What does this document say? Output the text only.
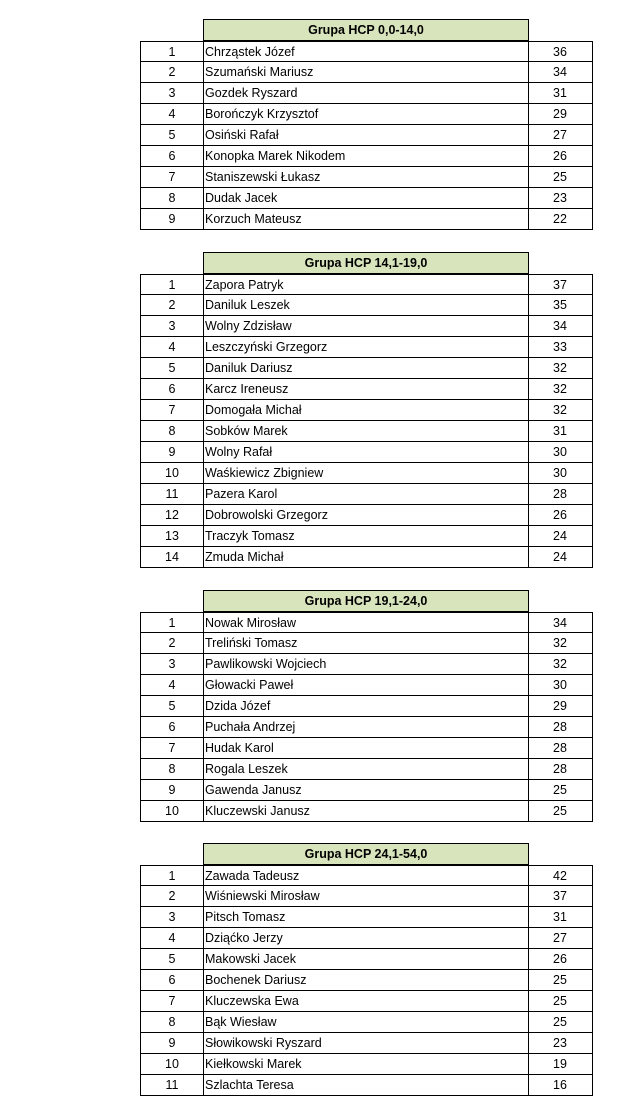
Grupa HCP 0,0-14,0
1	Chrząstek Józef	36
2	Szumański Mariusz	34
3	Gozdek Ryszard	31
4	Borończyk Krzysztof	29
5	Osiński Rafał	27
6	Konopka Marek Nikodem	26
7	Staniszewski Łukasz	25
8	Dudak Jacek	23
9	Korzuch Mateusz	22
Grupa HCP 14,1-19,0
1	Zapora Patryk	37
2	Daniluk Leszek	35
3	Wolny Zdzisław	34
4	Leszczyński Grzegorz	33
5	Daniluk Dariusz	32
6	Karcz Ireneusz	32
7	Domogała Michał	32
8	Sobków Marek	31
9	Wolny Rafał	30
10	Waśkiewicz Zbigniew	30
11	Pazera Karol	28
12	Dobrowolski Grzegorz	26
13	Traczyk Tomasz	24
14	Zmuda Michał	24
Grupa HCP 19,1-24,0
1	Nowak Mirosław	34
2	Treliński Tomasz	32
3	Pawlikowski Wojciech	32
4	Głowacki Paweł	30
5	Dzida Józef	29
6	Puchała Andrzej	28
7	Hudak Karol	28
8	Rogala Leszek	28
9	Gawenda Janusz	25
10	Kluczewski Janusz	25
Grupa HCP 24,1-54,0
1	Zawada Tadeusz	42
2	Wiśniewski Mirosław	37
3	Pitsch Tomasz	31
4	Dziąćko Jerzy	27
5	Makowski Jacek	26
6	Bochenek Dariusz	25
7	Kluczewska Ewa	25
8	Bąk Wiesław	25
9	Słowikowski Ryszard	23
10	Kiełkowski Marek	19
11	Szlachta Teresa	16
